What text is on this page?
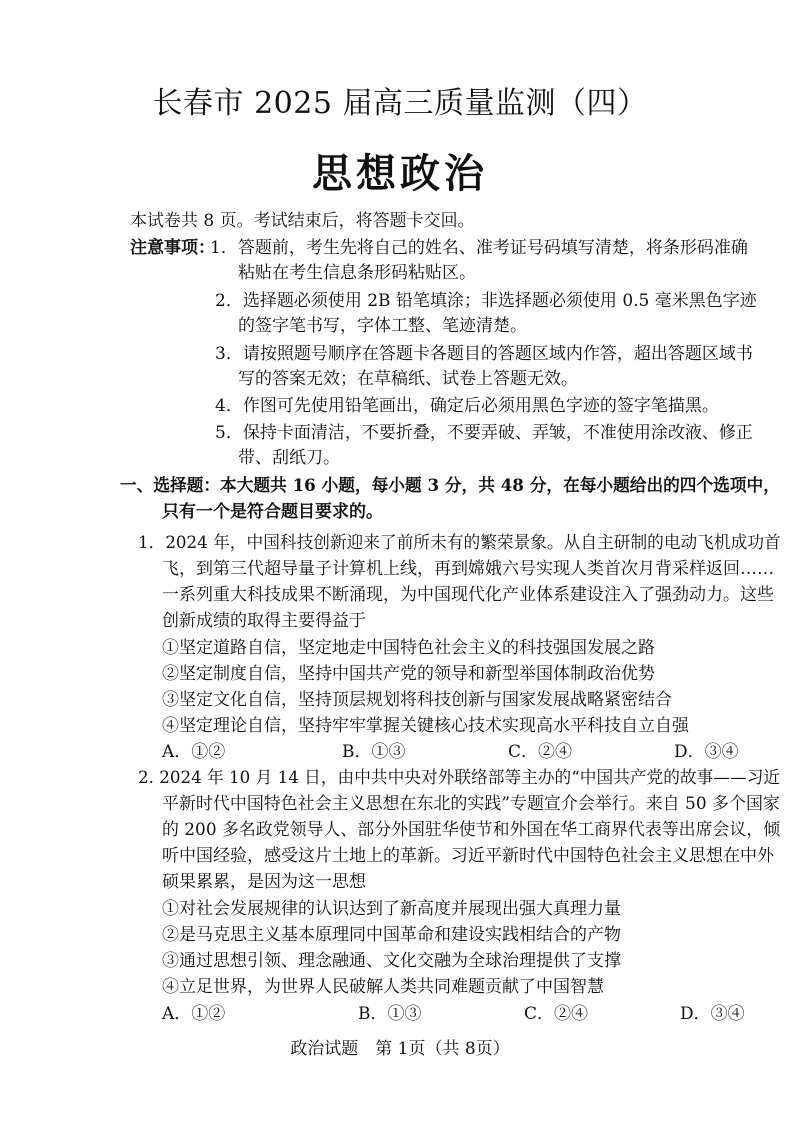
长春市 2025 届高三质量监测（四）
思想政治
本试卷共 8 页。考试结束后，将答题卡交回。
注意事项：
1．答题前，考生先将自己的姓名、准考证号码填写清楚，将条形码准确
粘贴在考生信息条形码粘贴区。
2．选择题必须使用 2B 铅笔填涂；非选择题必须使用 0.5 毫米黑色字迹
的签字笔书写，字体工整、笔迹清楚。
3．请按照题号顺序在答题卡各题目的答题区域内作答，超出答题区域书
写的答案无效；在草稿纸、试卷上答题无效。
4．作图可先使用铅笔画出，确定后必须用黑色字迹的签字笔描黑。
5．保持卡面清洁，不要折叠，不要弄破、弄皱，不准使用涂改液、修正
带、刮纸刀。
一、选择题：本大题共 16 小题，每小题 3 分，共 48 分，在每小题给出的四个选项中，
只有一个是符合题目要求的。
1．2024 年，中国科技创新迎来了前所未有的繁荣景象。从自主研制的电动飞机成功首
飞，到第三代超导量子计算机上线，再到嫦娥六号实现人类首次月背采样返回……
一系列重大科技成果不断涌现，为中国现代化产业体系建设注入了强劲动力。这些
创新成绩的取得主要得益于
①坚定道路自信，坚定地走中国特色社会主义的科技强国发展之路
②坚定制度自信，坚持中国共产党的领导和新型举国体制政治优势
③坚定文化自信，坚持顶层规划将科技创新与国家发展战略紧密结合
④坚定理论自信，坚持牢牢掌握关键核心技术实现高水平科技自立自强
A．①②	B．①③	C．②④	D．③④
2. 2024 年 10 月 14 日，由中共中央对外联络部等主办的“中国共产党的故事——习近
平新时代中国特色社会主义思想在东北的实践”专题宣介会举行。来自 50 多个国家
的 200 多名政党领导人、部分外国驻华使节和外国在华工商界代表等出席会议，倾
听中国经验，感受这片土地上的革新。习近平新时代中国特色社会主义思想在中外
硕果累累，是因为这一思想
①对社会发展规律的认识达到了新高度并展现出强大真理力量
②是马克思主义基本原理同中国革命和建设实践相结合的产物
③通过思想引领、理念融通、文化交融为全球治理提供了支撑
④立足世界，为世界人民破解人类共同难题贡献了中国智慧
A．①②	B．①③	C．②④	D．③④
政治试题　第 1页（共 8页）
